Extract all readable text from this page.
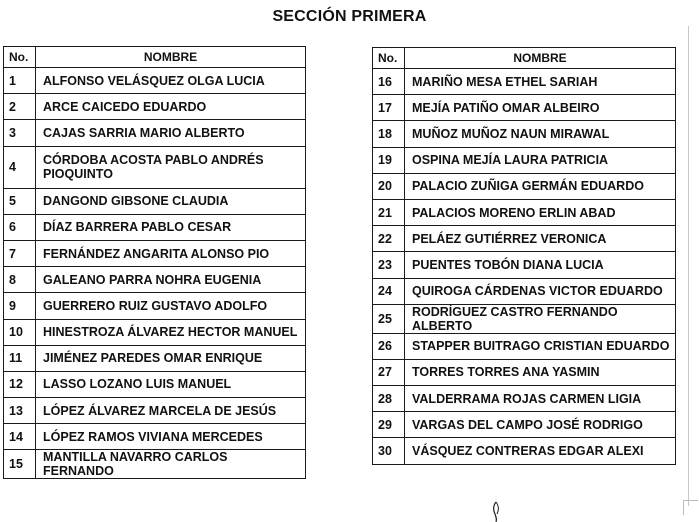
SECCIÓN PRIMERA
No.	NOMBRE
1	ALFONSO VELÁSQUEZ OLGA LUCIA
2	ARCE CAICEDO EDUARDO
3	CAJAS SARRIA MARIO ALBERTO
4	CÓRDOBA ACOSTA PABLO ANDRÉS PIOQUINTO
5	DANGOND GIBSONE CLAUDIA
6	DÍAZ BARRERA PABLO CESAR
7	FERNÁNDEZ ANGARITA ALONSO PIO
8	GALEANO PARRA NOHRA EUGENIA
9	GUERRERO RUIZ GUSTAVO ADOLFO
10	HINESTROZA ÁLVAREZ HECTOR MANUEL
11	JIMÉNEZ PAREDES OMAR ENRIQUE
12	LASSO LOZANO LUIS MANUEL
13	LÓPEZ ÁLVAREZ MARCELA DE JESÚS
14	LÓPEZ RAMOS VIVIANA MERCEDES
15	MANTILLA NAVARRO CARLOS FERNANDO
No.	NOMBRE
16	MARIÑO MESA ETHEL SARIAH
17	MEJÍA PATIÑO OMAR ALBEIRO
18	MUÑOZ MUÑOZ NAUN MIRAWAL
19	OSPINA MEJÍA LAURA PATRICIA
20	PALACIO ZUÑIGA GERMÁN EDUARDO
21	PALACIOS MORENO ERLIN ABAD
22	PELÁEZ GUTIÉRREZ VERONICA
23	PUENTES TOBÓN DIANA LUCIA
24	QUIROGA CÁRDENAS VICTOR EDUARDO
25	RODRÍGUEZ CASTRO FERNANDO ALBERTO
26	STAPPER BUITRAGO CRISTIAN EDUARDO
27	TORRES TORRES ANA YASMIN
28	VALDERRAMA ROJAS CARMEN LIGIA
29	VARGAS DEL CAMPO JOSÉ RODRIGO
30	VÁSQUEZ CONTRERAS EDGAR ALEXI
